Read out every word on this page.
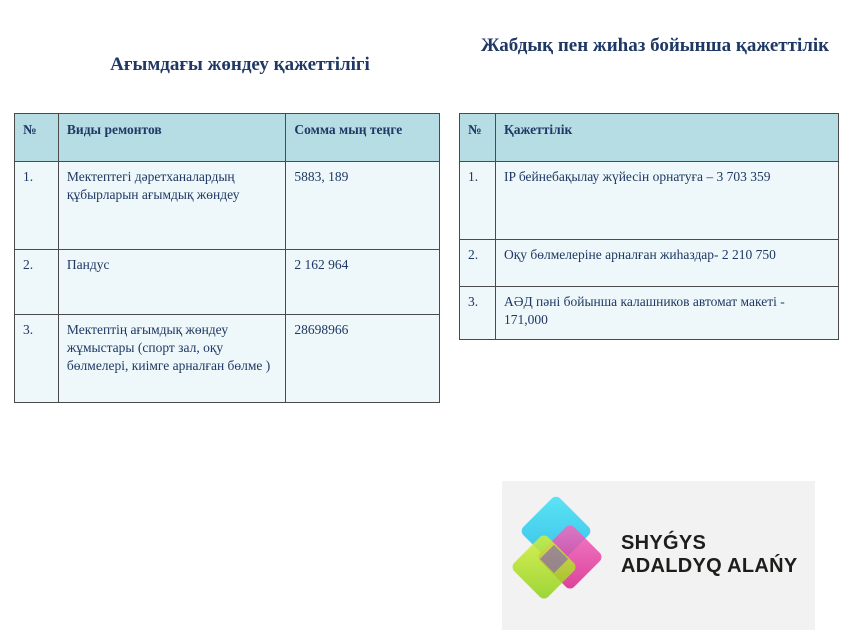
Ағымдағы жөндеу қажеттілігі
Жабдық пен жиһаз бойынша қажеттілік
№	Виды ремонтов	Сомма мың теңге
1.	Мектептегі дәретханалардың құбырларын ағымдық жөндеу	5883, 189
2.	Пандус	2 162 964
3.	Мектептің ағымдық жөндеу жұмыстары (спорт зал, оқу бөлмелері, киімге арналған бөлме )	28698966
№	Қажеттілік
1.	IP бейнебақылау жүйесін орнатуға – 3 703 359
2.	Оқу бөлмелеріне арналған жиһаздар- 2 210 750
3.	АӘД пәні бойынша калашников автомат макеті - 171,000
SHYǴYS
ADALDYQ ALAŃY
